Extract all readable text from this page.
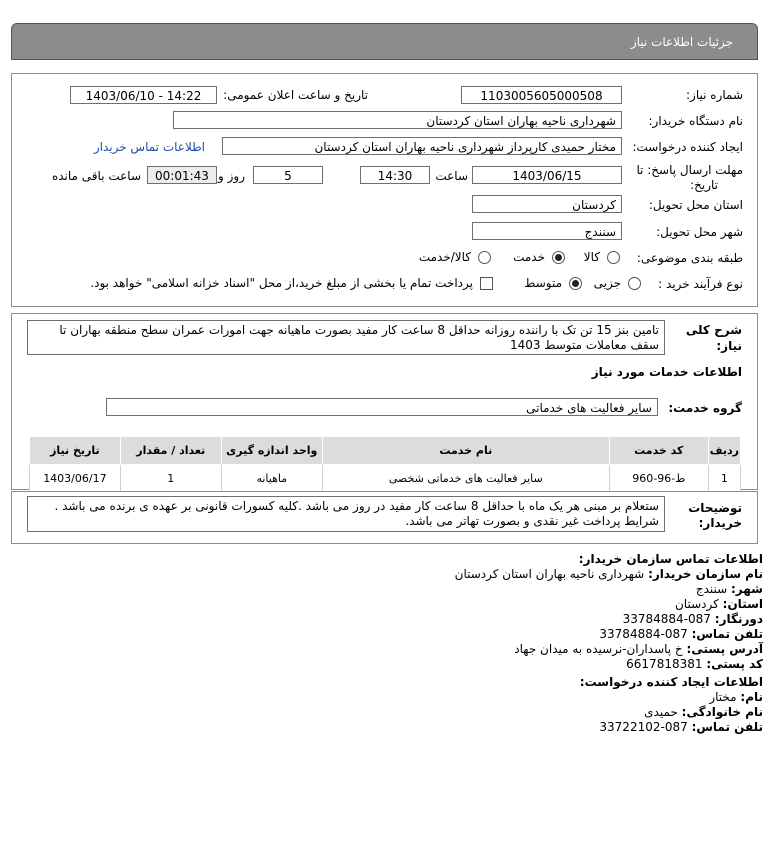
جزئیات اطلاعات نیاز
شماره نیاز:
1103005605000508
تاریخ و ساعت اعلان عمومی:
1403/06/10 - 14:22
نام دستگاه خریدار:
شهرداری ناحیه بهاران استان کردستان
ایجاد کننده درخواست:
مختار حمیدی کارپرداز شهرداری ناحیه بهاران استان کردستان
اطلاعات تماس خریدار
مهلت ارسال پاسخ: تا
تاریخ:
1403/06/15
ساعت
14:30
5
روز و
00:01:43
ساعت باقی مانده
استان محل تحویل:
کردستان
شهر محل تحویل:
سنندج
طبقه بندی موضوعی:
کالا
خدمت
کالا/خدمت
نوع فرآیند خرید :
جزیی
متوسط
پرداخت تمام یا بخشی از مبلغ خرید،از محل "اسناد خزانه اسلامی" خواهد بود.
شرح کلی
نیاز:
تامین بنز 15 تن تک با راننده روزانه حداقل 8 ساعت کار مفید بصورت ماهیانه جهت امورات عمران سطح منطقه بهاران تا سقف معاملات متوسط 1403
اطلاعات خدمات مورد نیاز
گروه خدمت:
سایر فعالیت های خدماتی
ردیف	کد خدمت	نام خدمت	واحد اندازه گیری	تعداد / مقدار	تاریخ نیاز
1	ط-96-960	سایر فعالیت های خدماتی شخصی	ماهیانه	1	1403/06/17
توضیحات
خریدار:
ستعلام بر مبنی هر یک ماه با حداقل 8 ساعت کار مفید در روز می باشد .کلیه کسورات قانونی بر عهده ی برنده می باشد . شرایط پرداخت غیر نقدی و بصورت تهاتر می باشد.
اطلاعات تماس سازمان خریدار:
نام سازمان خریدار: شهرداری ناحیه بهاران استان کردستان
شهر: سنندج
استان: کردستان
دورنگار: 087-33784884
تلفن تماس: 087-33784884
آدرس پستی: خ پاسداران-نرسیده به میدان جهاد
کد پستی: 6617818381
اطلاعات ایجاد کننده درخواست:
نام: مختار
نام خانوادگی: حمیدی
تلفن تماس: 087-33722102
